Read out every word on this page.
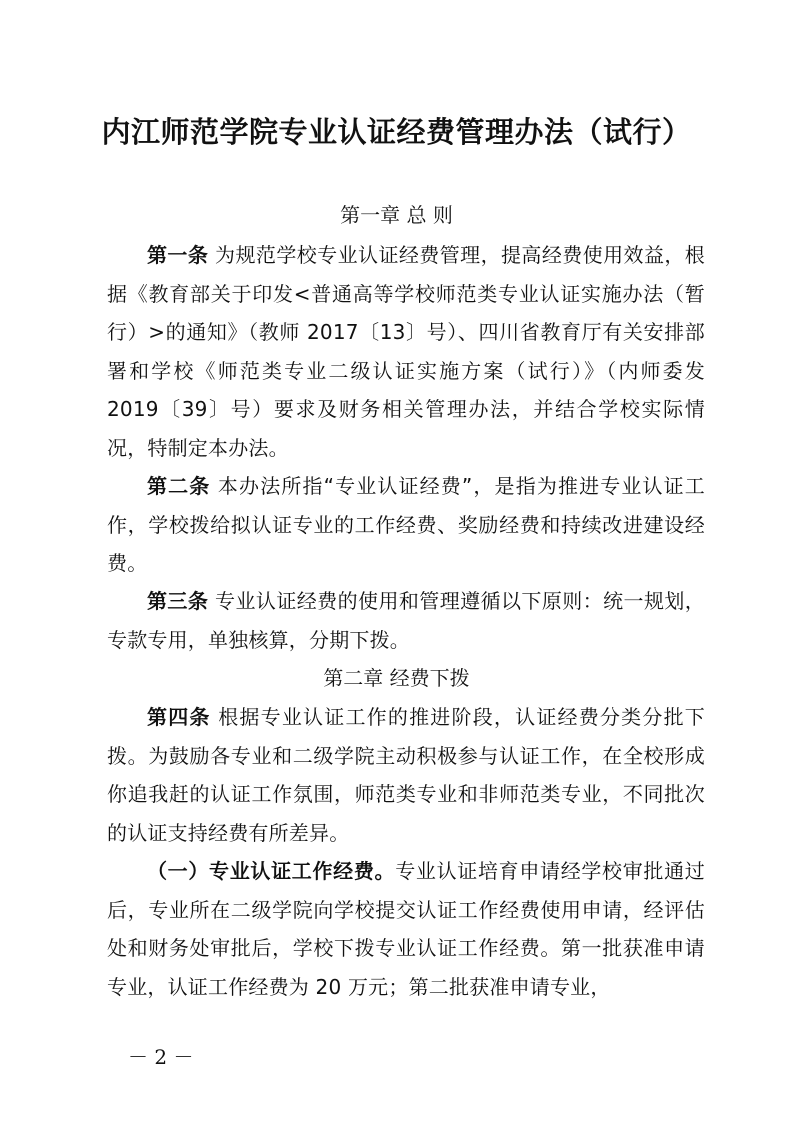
内江师范学院专业认证经费管理办法（试行）

第一章 总 则

第一条 为规范学校专业认证经费管理，提高经费使用效益，根据《教育部关于印发<普通高等学校师范类专业认证实施办法（暂行）>的通知》（教师 2017〔13〕号）、四川省教育厅有关安排部署和学校《师范类专业二级认证实施方案（试行）》（内师委发 2019〔39〕号）要求及财务相关管理办法，并结合学校实际情况，特制定本办法。

第二条 本办法所指“专业认证经费”，是指为推进专业认证工作，学校拨给拟认证专业的工作经费、奖励经费和持续改进建设经费。

第三条 专业认证经费的使用和管理遵循以下原则：统一规划，专款专用，单独核算，分期下拨。

第二章 经费下拨

第四条 根据专业认证工作的推进阶段，认证经费分类分批下拨。为鼓励各专业和二级学院主动积极参与认证工作，在全校形成你追我赶的认证工作氛围，师范类专业和非师范类专业，不同批次的认证支持经费有所差异。

（一）专业认证工作经费。专业认证培育申请经学校审批通过后，专业所在二级学院向学校提交认证工作经费使用申请，经评估处和财务处审批后，学校下拨专业认证工作经费。第一批获准申请专业，认证工作经费为 20 万元；第二批获准申请专业，

－ 2 －
